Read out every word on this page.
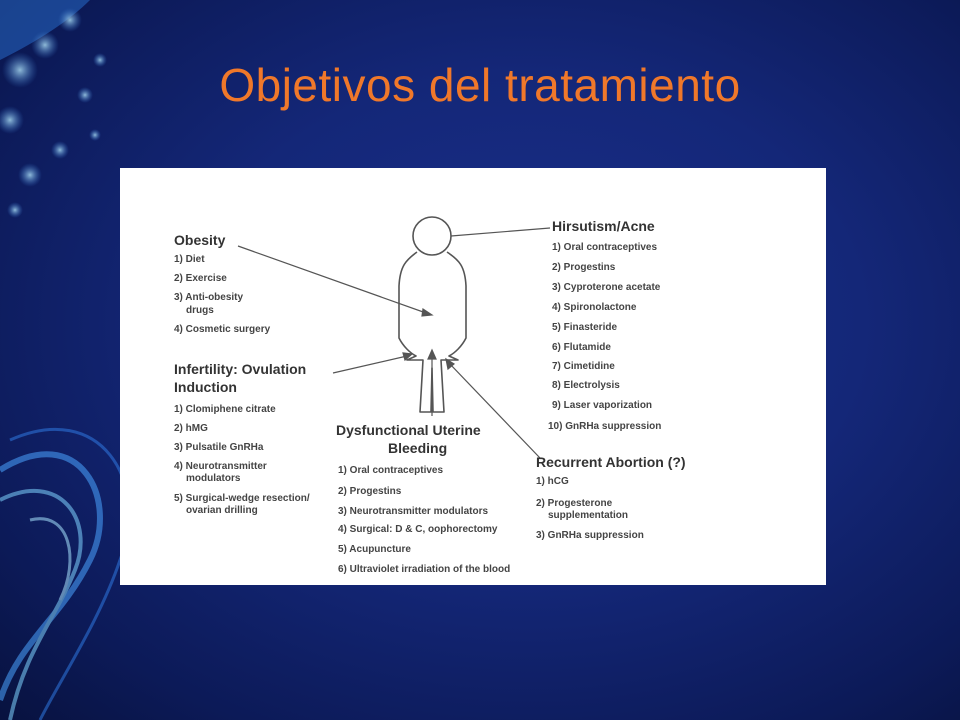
Objetivos del tratamiento
Obesity
1) Diet
2) Exercise
3) Anti-obesity
drugs
4) Cosmetic surgery
Infertility: Ovulation
Induction
1) Clomiphene citrate
2) hMG
3) Pulsatile GnRHa
4) Neurotransmitter
modulators
5) Surgical-wedge resection/
ovarian drilling
Hirsutism/Acne
1) Oral contraceptives
2) Progestins
3) Cyproterone acetate
4) Spironolactone
5) Finasteride
6) Flutamide
7) Cimetidine
8) Electrolysis
9) Laser vaporization
10) GnRHa suppression
Dysfunctional Uterine
Bleeding
1) Oral contraceptives
2) Progestins
3) Neurotransmitter modulators
4) Surgical: D & C, oophorectomy
5) Acupuncture
6) Ultraviolet irradiation of the blood
Recurrent Abortion (?)
1) hCG
2) Progesterone
supplementation
3) GnRHa suppression
